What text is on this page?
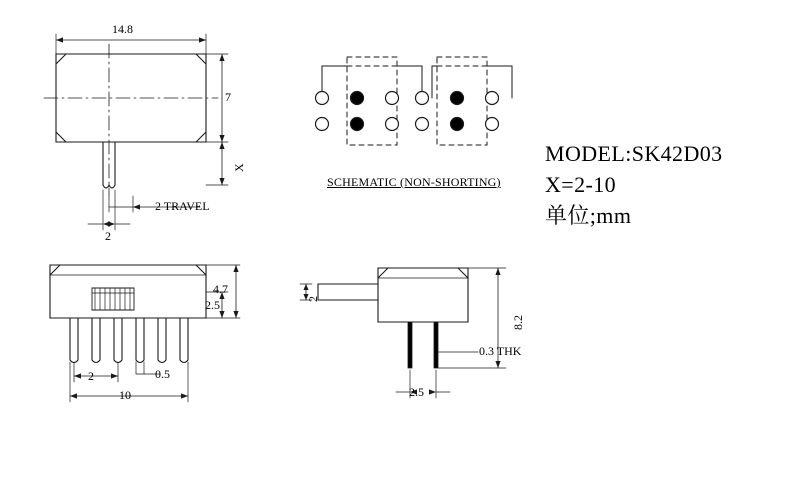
14.8
7
X
2 TRAVEL
2
SCHEMATIC (NON-SHORTING)
MODEL:SK42D03
X=2-10
单位;mm
2.5
4.7
2	0.5
10
2
8.2
0.3 THK
2.5
